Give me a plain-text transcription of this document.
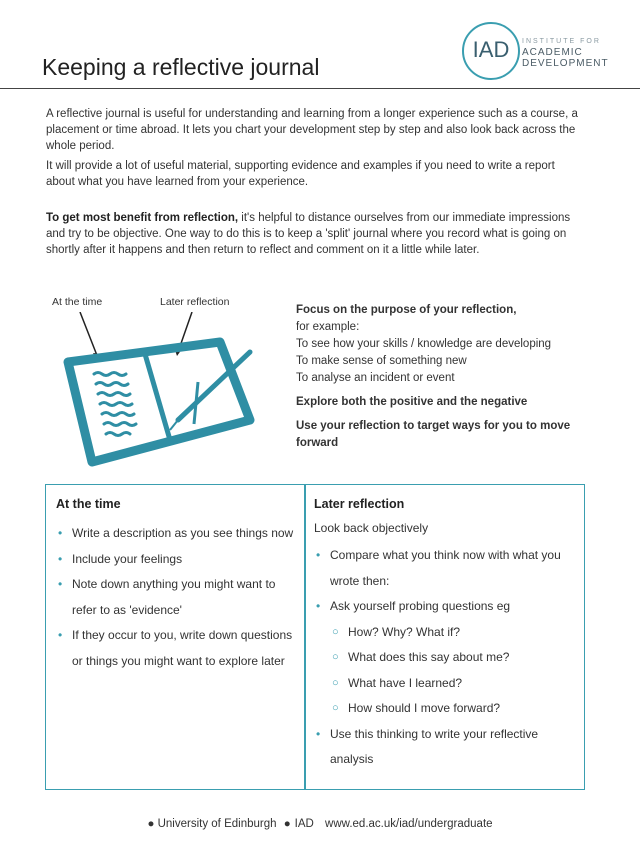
IAD	INSTITUTE FOR
ACADEMIC
DEVELOPMENT
Keeping a reflective journal

A reflective journal is useful for understanding and learning from a longer experience such as a course, a placement or time abroad. It lets you chart your development step by step and also look back across the whole period.

It will provide a lot of useful material, supporting evidence and examples if you need to write a report about what you have learned from your experience.

To get most benefit from reflection, it's helpful to distance ourselves from our immediate impressions and try to be objective. One way to do this is to keep a 'split' journal where you record what is going on shortly after it happens and then return to reflect and comment on it a little while later.

At the time	Later reflection
Focus on the purpose of your reflection,
for example:
To see how your skills / knowledge are developing
To make sense of something new
To analyse an incident or event
Explore both the positive and the negative
Use your reflection to target ways for you to move forward
At the time
• Write a description as you see things now
• Include your feelings
• Note down anything you might want to refer to as 'evidence'
• If they occur to you, write down questions or things you might want to explore later
Later reflection
Look back objectively
• Compare what you think now with what you wrote then:
• Ask yourself probing questions eg
○ How? Why? What if?
○ What does this say about me?
○ What have I learned?
○ How should I move forward?
• Use this thinking to write your reflective analysis
● University of Edinburgh ● IAD www.ed.ac.uk/iad/undergraduate
